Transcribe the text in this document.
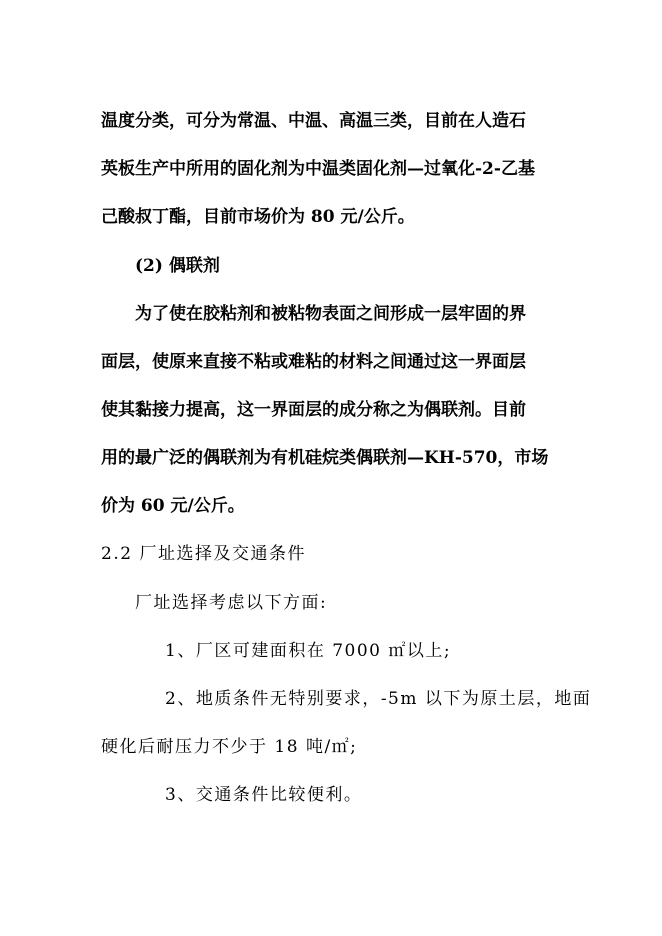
温度分类，可分为常温、中温、高温三类，目前在人造石
英板生产中所用的固化剂为中温类固化剂—过氧化-2-乙基
己酸叔丁酯，目前市场价为 80 元/公斤。
(2) 偶联剂
为了使在胶粘剂和被粘物表面之间形成一层牢固的界
面层，使原来直接不粘或难粘的材料之间通过这一界面层
使其黏接力提高，这一界面层的成分称之为偶联剂。目前
用的最广泛的偶联剂为有机硅烷类偶联剂—KH-570，市场
价为 60 元/公斤。
2.2 厂址选择及交通条件
厂址选择考虑以下方面:
1、厂区可建面积在 7000 ㎡以上;
2、地质条件无特别要求，-5m 以下为原土层，地面
硬化后耐压力不少于 18 吨/㎡;
3、交通条件比较便利。
